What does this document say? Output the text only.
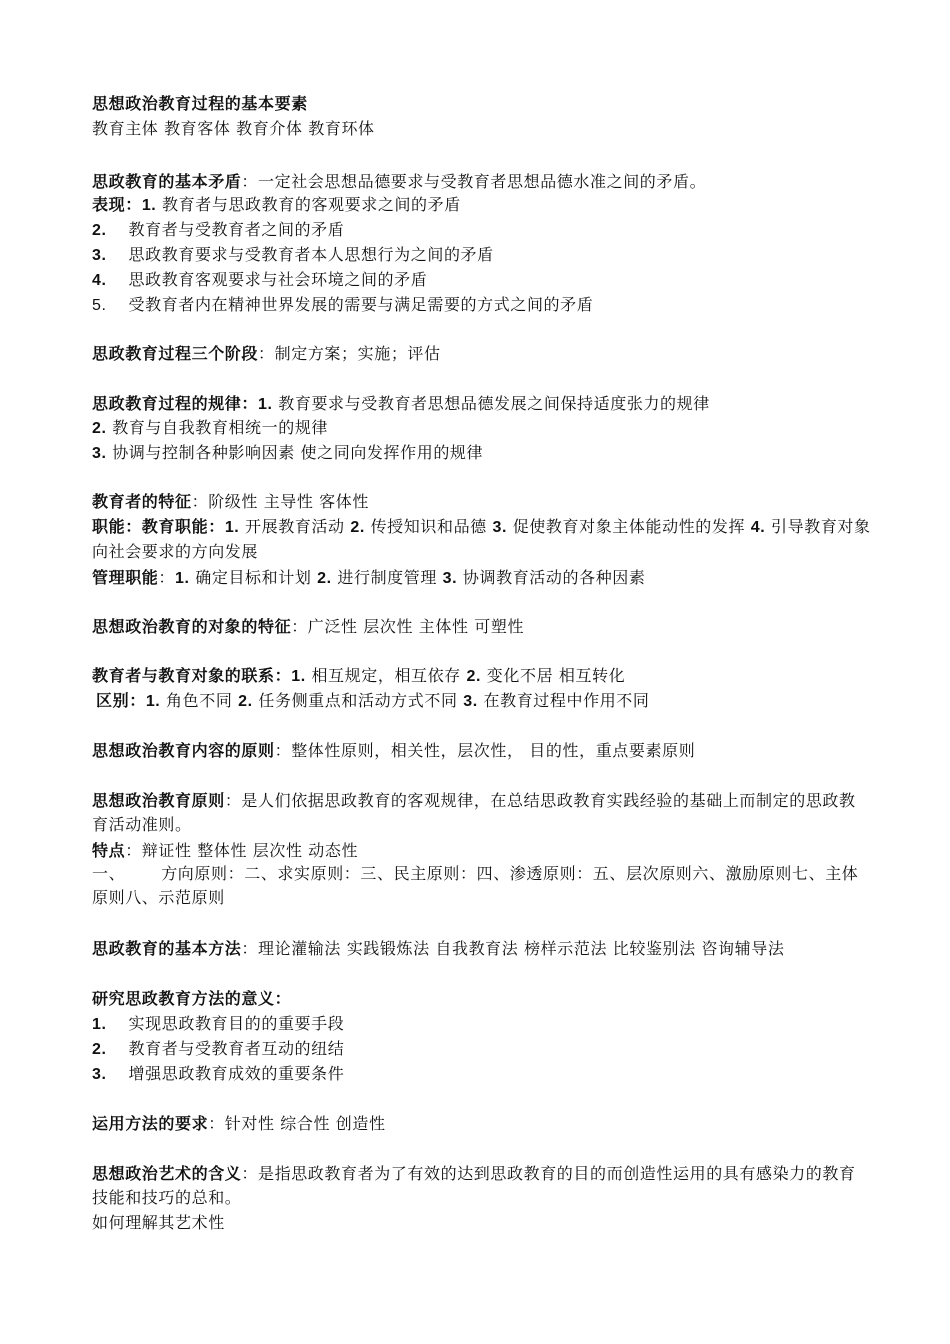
思想政治教育过程的基本要素
教育主体 教育客体 教育介体 教育环体
思政教育的基本矛盾：一定社会思想品德要求与受教育者思想品德水准之间的矛盾。
表现：1. 教育者与思政教育的客观要求之间的矛盾
2. 教育者与受教育者之间的矛盾
3. 思政教育要求与受教育者本人思想行为之间的矛盾
4. 思政教育客观要求与社会环境之间的矛盾
5. 受教育者内在精神世界发展的需要与满足需要的方式之间的矛盾
思政教育过程三个阶段：制定方案；实施；评估
思政教育过程的规律：1. 教育要求与受教育者思想品德发展之间保持适度张力的规律
2. 教育与自我教育相统一的规律
3. 协调与控制各种影响因素 使之同向发挥作用的规律
教育者的特征：阶级性 主导性 客体性
职能：教育职能：1. 开展教育活动 2. 传授知识和品德 3. 促使教育对象主体能动性的发挥 4. 引导教育对象向社会要求的方向发展
管理职能：1. 确定目标和计划 2. 进行制度管理 3. 协调教育活动的各种因素
思想政治教育的对象的特征：广泛性 层次性 主体性 可塑性
教育者与教育对象的联系：1. 相互规定，相互依存 2. 变化不居 相互转化
区别：1. 角色不同 2. 任务侧重点和活动方式不同 3. 在教育过程中作用不同
思想政治教育内容的原则：整体性原则，相关性，层次性， 目的性，重点要素原则
思想政治教育原则：是人们依据思政教育的客观规律，在总结思政教育实践经验的基础上而制定的思政教育活动准则。
特点：辩证性 整体性 层次性 动态性
一、 方向原则：二、求实原则：三、民主原则：四、渗透原则：五、层次原则六、激励原则七、主体原则八、示范原则
思政教育的基本方法：理论灌输法 实践锻炼法 自我教育法 榜样示范法 比较鉴别法 咨询辅导法
研究思政教育方法的意义：
1. 实现思政教育目的的重要手段
2. 教育者与受教育者互动的纽结
3. 增强思政教育成效的重要条件
运用方法的要求：针对性 综合性 创造性
思想政治艺术的含义：是指思政教育者为了有效的达到思政教育的目的而创造性运用的具有感染力的教育技能和技巧的总和。
如何理解其艺术性
